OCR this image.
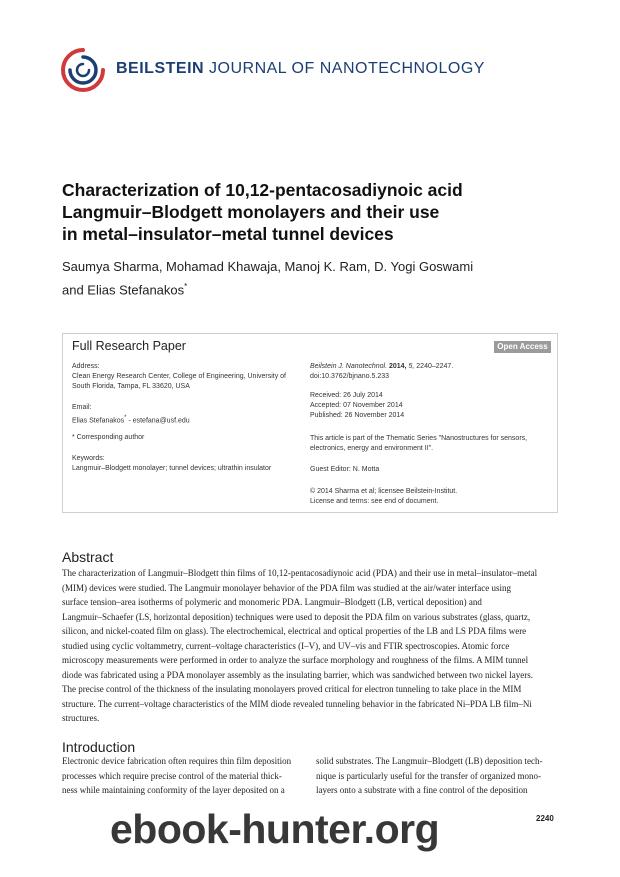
BEILSTEIN JOURNAL OF NANOTECHNOLOGY
Characterization of 10,12-pentacosadiynoic acid
Langmuir–Blodgett monolayers and their use
in metal–insulator–metal tunnel devices
Saumya Sharma, Mohamad Khawaja, Manoj K. Ram, D. Yogi Goswami
and Elias Stefanakos*
Full Research Paper	Open Access
Address:
Clean Energy Research Center, College of Engineering, University of
South Florida, Tampa, FL 33620, USA
Email:
Elias Stefanakos* - estefana@usf.edu
* Corresponding author
Keywords:
Langmuir–Blodgett monolayer; tunnel devices; ultrathin insulator
Beilstein J. Nanotechnol. 2014, 5, 2240–2247.
doi:10.3762/bjnano.5.233
Received: 26 July 2014
Accepted: 07 November 2014
Published: 26 November 2014
This article is part of the Thematic Series "Nanostructures for sensors,
electronics, energy and environment II".
Guest Editor: N. Motta
© 2014 Sharma et al; licensee Beilstein-Institut.
License and terms: see end of document.
Abstract
The characterization of Langmuir–Blodgett thin films of 10,12-pentacosadiynoic acid (PDA) and their use in metal–insulator–metal
(MIM) devices were studied. The Langmuir monolayer behavior of the PDA film was studied at the air/water interface using
surface tension–area isotherms of polymeric and monomeric PDA. Langmuir–Blodgett (LB, vertical deposition) and
Langmuir–Schaefer (LS, horizontal deposition) techniques were used to deposit the PDA film on various substrates (glass, quartz,
silicon, and nickel-coated film on glass). The electrochemical, electrical and optical properties of the LB and LS PDA films were
studied using cyclic voltammetry, current–voltage characteristics (I–V), and UV–vis and FTIR spectroscopies. Atomic force
microscopy measurements were performed in order to analyze the surface morphology and roughness of the films. A MIM tunnel
diode was fabricated using a PDA monolayer assembly as the insulating barrier, which was sandwiched between two nickel layers.
The precise control of the thickness of the insulating monolayers proved critical for electron tunneling to take place in the MIM
structure. The current–voltage characteristics of the MIM diode revealed tunneling behavior in the fabricated Ni–PDA LB film–Ni
structures.
Introduction
Electronic device fabrication often requires thin film deposition
processes which require precise control of the material thick-
ness while maintaining conformity of the layer deposited on a
solid substrates. The Langmuir–Blodgett (LB) deposition tech-
nique is particularly useful for the transfer of organized mono-
layers onto a substrate with a fine control of the deposition
2240
ebook-hunter.org
